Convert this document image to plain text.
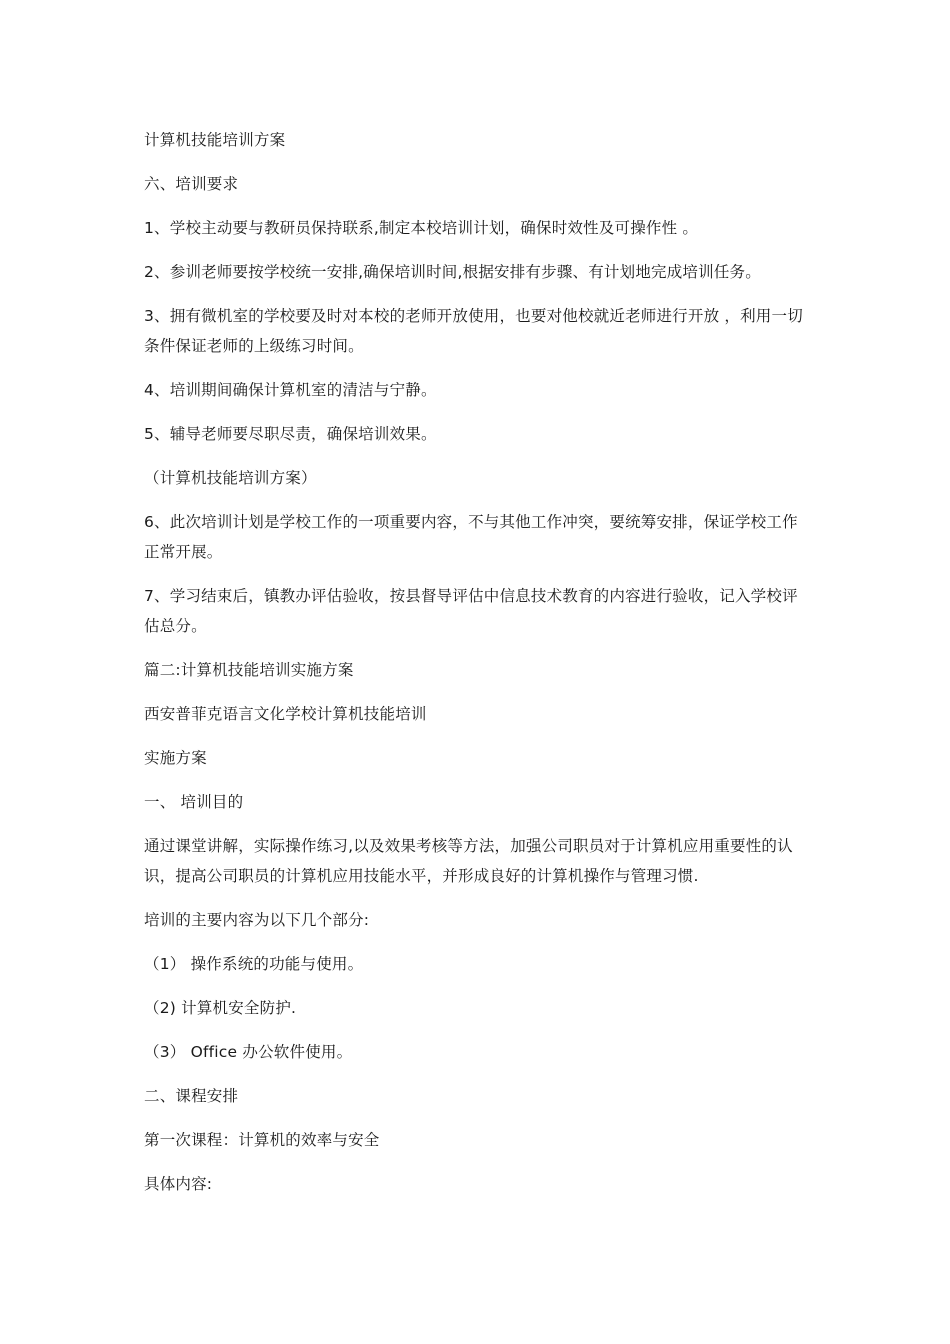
计算机技能培训方案

六、培训要求

1、学校主动要与教研员保持联系,制定本校培训计划，确保时效性及可操作性 。

2、参训老师要按学校统一安排,确保培训时间,根据安排有步骤、有计划地完成培训任务。

3、拥有微机室的学校要及时对本校的老师开放使用，也要对他校就近老师进行开放 ，利用一切条件保证老师的上级练习时间。

4、培训期间确保计算机室的清洁与宁静。

5、辅导老师要尽职尽责，确保培训效果。

（计算机技能培训方案）

6、此次培训计划是学校工作的一项重要内容，不与其他工作冲突，要统筹安排，保证学校工作正常开展。

7、学习结束后，镇教办评估验收，按县督导评估中信息技术教育的内容进行验收，记入学校评估总分。

篇二:计算机技能培训实施方案

西安普菲克语言文化学校计算机技能培训

实施方案

一、 培训目的

通过课堂讲解，实际操作练习,以及效果考核等方法，加强公司职员对于计算机应用重要性的认识，提高公司职员的计算机应用技能水平，并形成良好的计算机操作与管理习惯.

培训的主要内容为以下几个部分:

（1） 操作系统的功能与使用。

（2) 计算机安全防护.

（3） Office 办公软件使用。

二、课程安排

第一次课程：计算机的效率与安全

具体内容:
